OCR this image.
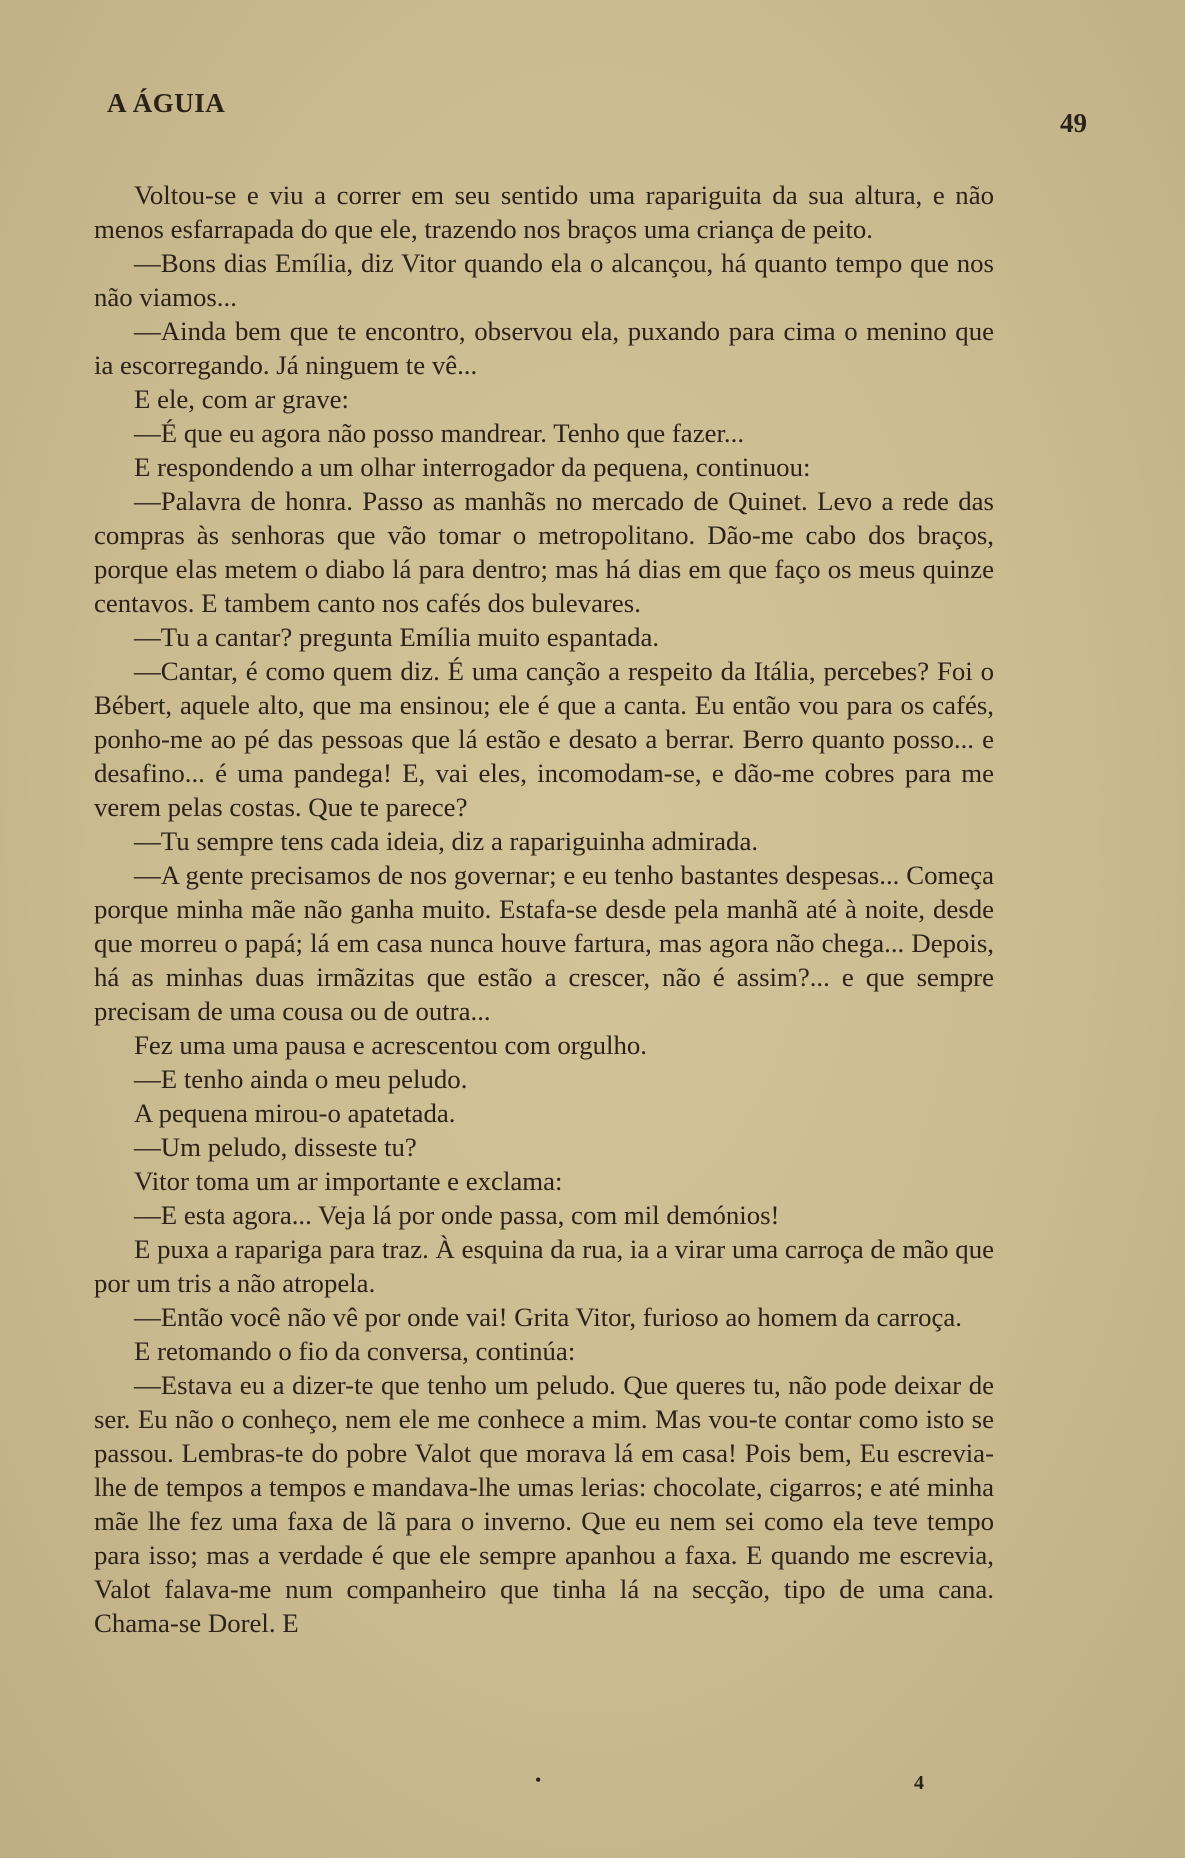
A ÁGUIA
49

Voltou-se e viu a correr em seu sentido uma rapariguita da sua altura, e não menos esfarrapada do que ele, trazendo nos braços uma criança de peito.

—Bons dias Emília, diz Vitor quando ela o alcançou, há quanto tempo que nos não viamos...

—Ainda bem que te encontro, observou ela, puxando para cima o menino que ia escorregando. Já ninguem te vê...

E ele, com ar grave:

—É que eu agora não posso mandrear. Tenho que fazer...

E respondendo a um olhar interrogador da pequena, continuou:

—Palavra de honra. Passo as manhãs no mercado de Quinet. Levo a rede das compras às senhoras que vão tomar o metropolitano. Dão-me cabo dos braços, porque elas metem o diabo lá para dentro; mas há dias em que faço os meus quinze centavos. E tambem canto nos cafés dos bulevares.

—Tu a cantar? pregunta Emília muito espantada.

—Cantar, é como quem diz. É uma canção a respeito da Itália, percebes? Foi o Bébert, aquele alto, que ma ensinou; ele é que a canta. Eu então vou para os cafés, ponho-me ao pé das pessoas que lá estão e desato a berrar. Berro quanto posso... e desafino... é uma pandega! E, vai eles, incomodam-se, e dão-me cobres para me verem pelas costas. Que te parece?

—Tu sempre tens cada ideia, diz a rapariguinha admirada.

—A gente precisamos de nos governar; e eu tenho bastantes despesas... Começa porque minha mãe não ganha muito. Estafa-se desde pela manhã até à noite, desde que morreu o papá; lá em casa nunca houve fartura, mas agora não chega... Depois, há as minhas duas irmãzitas que estão a crescer, não é assim?... e que sempre precisam de uma cousa ou de outra...

Fez uma uma pausa e acrescentou com orgulho.

—E tenho ainda o meu peludo.

A pequena mirou-o apatetada.

—Um peludo, disseste tu?

Vitor toma um ar importante e exclama:

—E esta agora... Veja lá por onde passa, com mil demónios!

E puxa a rapariga para traz. À esquina da rua, ia a virar uma carroça de mão que por um tris a não atropela.

—Então você não vê por onde vai! Grita Vitor, furioso ao homem da carroça.

E retomando o fio da conversa, continúa:

—Estava eu a dizer-te que tenho um peludo. Que queres tu, não pode deixar de ser. Eu não o conheço, nem ele me conhece a mim. Mas vou-te contar como isto se passou. Lembras-te do pobre Valot que morava lá em casa! Pois bem, Eu escrevia-lhe de tempos a tempos e mandava-lhe umas lerias: chocolate, cigarros; e até minha mãe lhe fez uma faxa de lã para o inverno. Que eu nem sei como ela teve tempo para isso; mas a verdade é que ele sempre apanhou a faxa. E quando me escrevia, Valot falava-me num companheiro que tinha lá na secção, tipo de uma cana. Chama-se Dorel. E

•	4
